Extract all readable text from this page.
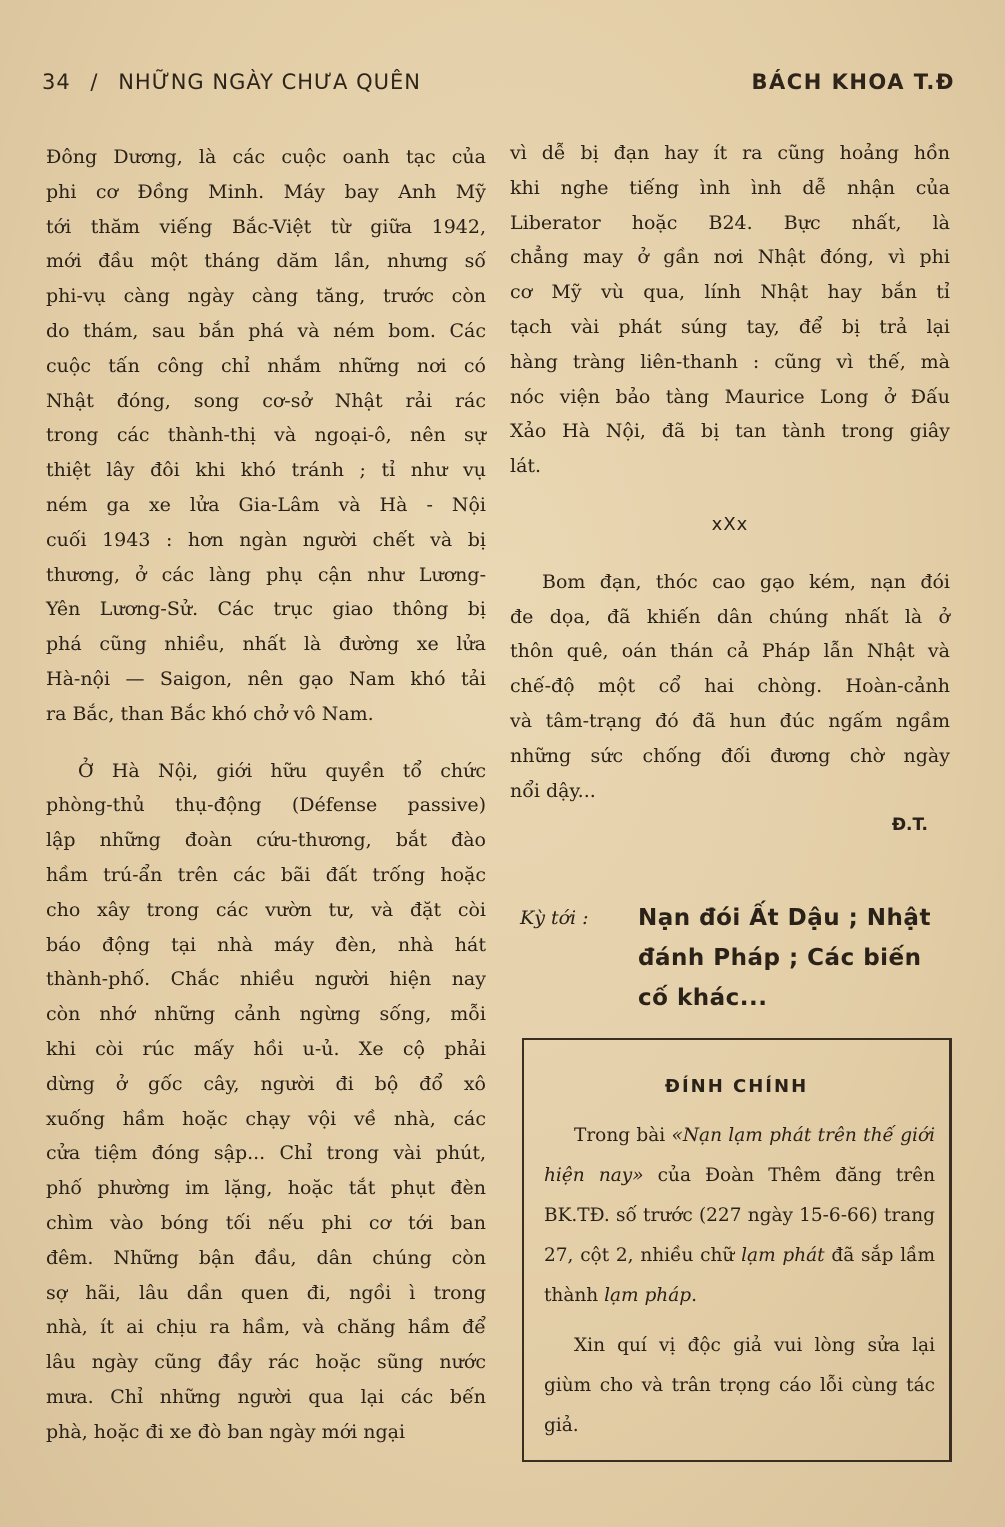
34 / NHỮNG NGÀY CHƯA QUÊN	BÁCH KHOA T.Đ
Đông Dương, là các cuộc oanh tạc của
phi cơ Đồng Minh. Máy bay Anh Mỹ
tới thăm viếng Bắc-Việt từ giữa 1942,
mới đầu một tháng dăm lần, nhưng số
phi-vụ càng ngày càng tăng, trước còn
do thám, sau bắn phá và ném bom. Các
cuộc tấn công chỉ nhắm những nơi có
Nhật đóng, song cơ-sở Nhật rải rác
trong các thành-thị và ngoại-ô, nên sự
thiệt lây đôi khi khó tránh ; tỉ như vụ
ném ga xe lửa Gia-Lâm và Hà - Nội
cuối 1943 : hơn ngàn người chết và bị
thương, ở các làng phụ cận như Lương-
Yên Lương-Sử. Các trục giao thông bị
phá cũng nhiều, nhất là đường xe lửa
Hà-nội — Saigon, nên gạo Nam khó tải
ra Bắc, than Bắc khó chở vô Nam.
Ở Hà Nội, giới hữu quyền tổ chức
phòng-thủ thụ-động (Défense passive)
lập những đoàn cứu-thương, bắt đào
hầm trú-ẩn trên các bãi đất trống hoặc
cho xây trong các vườn tư, và đặt còi
báo động tại nhà máy đèn, nhà hát
thành-phố. Chắc nhiều người hiện nay
còn nhớ những cảnh ngừng sống, mỗi
khi còi rúc mấy hồi u-ủ. Xe cộ phải
dừng ở gốc cây, người đi bộ đổ xô
xuống hầm hoặc chạy vội về nhà, các
cửa tiệm đóng sập... Chỉ trong vài phút,
phố phường im lặng, hoặc tắt phụt đèn
chìm vào bóng tối nếu phi cơ tới ban
đêm. Những bận đầu, dân chúng còn
sợ hãi, lâu dần quen đi, ngồi ì trong
nhà, ít ai chịu ra hầm, và chăng hầm để
lâu ngày cũng đầy rác hoặc sũng nước
mưa. Chỉ những người qua lại các bến
phà, hoặc đi xe đò ban ngày mới ngại
vì dễ bị đạn hay ít ra cũng hoảng hồn
khi nghe tiếng ình ình dễ nhận của
Liberator hoặc B24. Bực nhất, là
chẳng may ở gần nơi Nhật đóng, vì phi
cơ Mỹ vù qua, lính Nhật hay bắn tỉ
tạch vài phát súng tay, để bị trả lại
hàng tràng liên-thanh : cũng vì thế, mà
nóc viện bảo tàng Maurice Long ở Đấu
Xảo Hà Nội, đã bị tan tành trong giây
lát.
xXx
Bom đạn, thóc cao gạo kém, nạn đói
đe dọa, đã khiến dân chúng nhất là ở
thôn quê, oán thán cả Pháp lẫn Nhật và
chế-độ một cổ hai chòng. Hoàn-cảnh
và tâm-trạng đó đã hun đúc ngấm ngầm
những sức chống đối đương chờ ngày
nổi dậy...
Đ.T.
Kỳ tới : Nạn đói Ất Dậu ; Nhật đánh Pháp ; Các biến cố khác...
ĐÍNH CHÍNH

Trong bài «Nạn lạm phát trên thế giới hiện nay» của Đoàn Thêm đăng trên BK.TĐ. số trước (227 ngày 15-6-66) trang 27, cột 2, nhiều chữ lạm phát đã sắp lầm thành lạm pháp.

Xin quí vị độc giả vui lòng sửa lại giùm cho và trân trọng cáo lỗi cùng tác giả.
